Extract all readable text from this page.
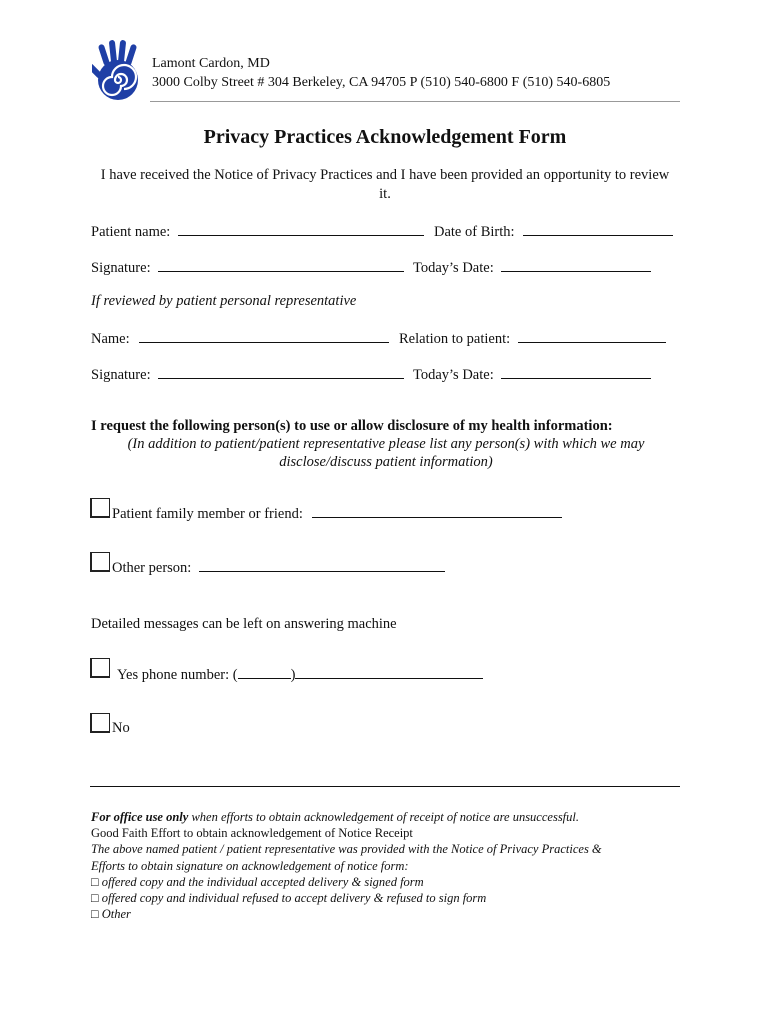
Lamont Cardon, MD
3000 Colby Street # 304 Berkeley, CA 94705 P (510) 540-6800 F (510) 540-6805
Privacy Practices Acknowledgement Form
I have received the Notice of Privacy Practices and I have been provided an opportunity to review it.
Patient name:	Date of Birth:
Signature:	Today’s Date:
If reviewed by patient personal representative
Name:	Relation to patient:
Signature:	Today’s Date:
I request the following person(s) to use or allow disclosure of my health information:
(In addition to patient/patient representative please list any person(s) with which we may
disclose/discuss patient information)
Patient family member or friend:
Other person:
Detailed messages can be left on answering machine
Yes phone number: (	)
No
For office use only when efforts to obtain acknowledgement of receipt of notice are unsuccessful.
Good Faith Effort to obtain acknowledgement of Notice Receipt
The above named patient / patient representative was provided with the Notice of Privacy Practices &
Efforts to obtain signature on acknowledgement of notice form:
□ offered copy and the individual accepted delivery & signed form
□ offered copy and individual refused to accept delivery & refused to sign form
□ Other
